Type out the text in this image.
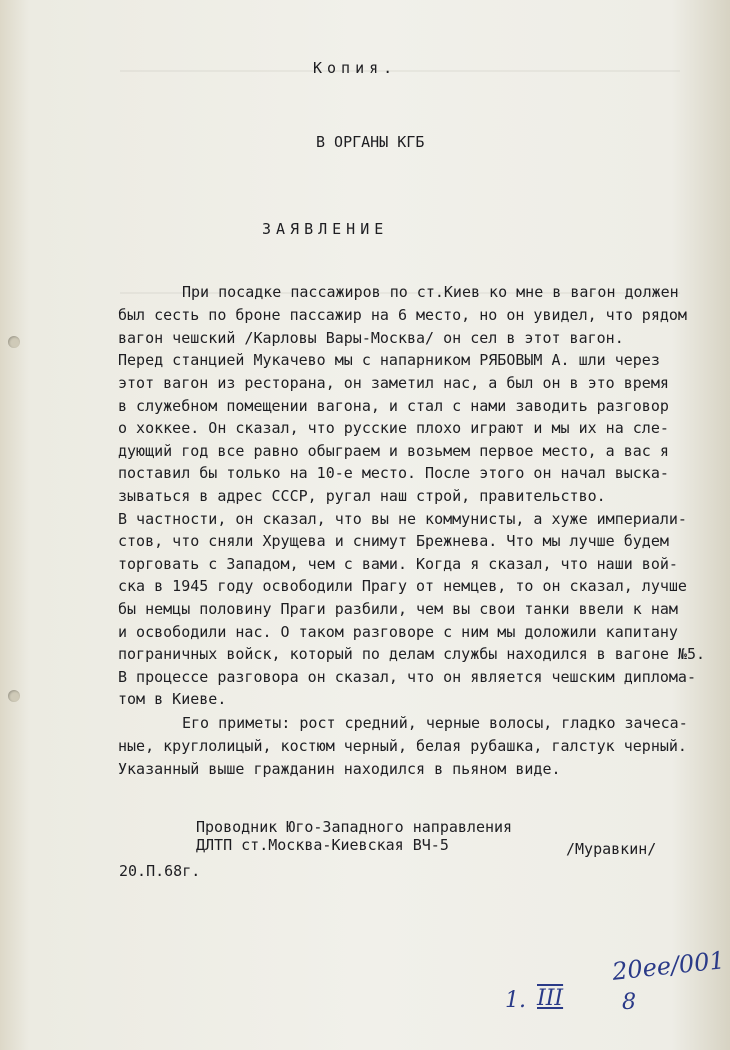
Копия.
В ОРГАНЫ КГБ
ЗАЯВЛЕНИЕ
При посадке пассажиров по ст.Киев ко мне в вагон должен
был сесть по броне пассажир на 6 место, но он увидел, что рядом
вагон чешский /Карловы Вары-Москва/ он сел в этот вагон.
Перед станцией Мукачево мы с напарником РЯБОВЫМ А. шли через
этот вагон из ресторана, он заметил нас, а был он в это время
в служебном помещении вагона, и стал с нами заводить разговор
о хоккее. Он сказал, что русские плохо играют и мы их на сле-
дующий год все равно обыграем и возьмем первое место, а вас я
поставил бы только на 10-е место. После этого он начал выска-
зываться в адрес СССР, ругал наш строй, правительство.
В частности, он сказал, что вы не коммунисты, а хуже империали-
стов, что сняли Хрущева и снимут Брежнева. Что мы лучше будем
торговать с Западом, чем с вами. Когда я сказал, что наши вой-
ска в 1945 году освободили Прагу от немцев, то он сказал, лучше
бы немцы половину Праги разбили, чем вы свои танки ввели к нам
и освободили нас. О таком разговоре с ним мы доложили капитану
пограничных войск, который по делам службы находился в вагоне №5.
В процессе разговора он сказал, что он является чешским диплома-
том в Киеве.
Его приметы: рост средний, черные волосы, гладко зачеса-
ные, круглолицый, костюм черный, белая рубашка, галстук черный.
Указанный выше гражданин находился в пьяном виде.
Проводник Юго-Западного направления
ДЛТП ст.Москва-Киевская ВЧ-5	/Муравкин/
20.П.68г.
20ee/001
1. III	8
